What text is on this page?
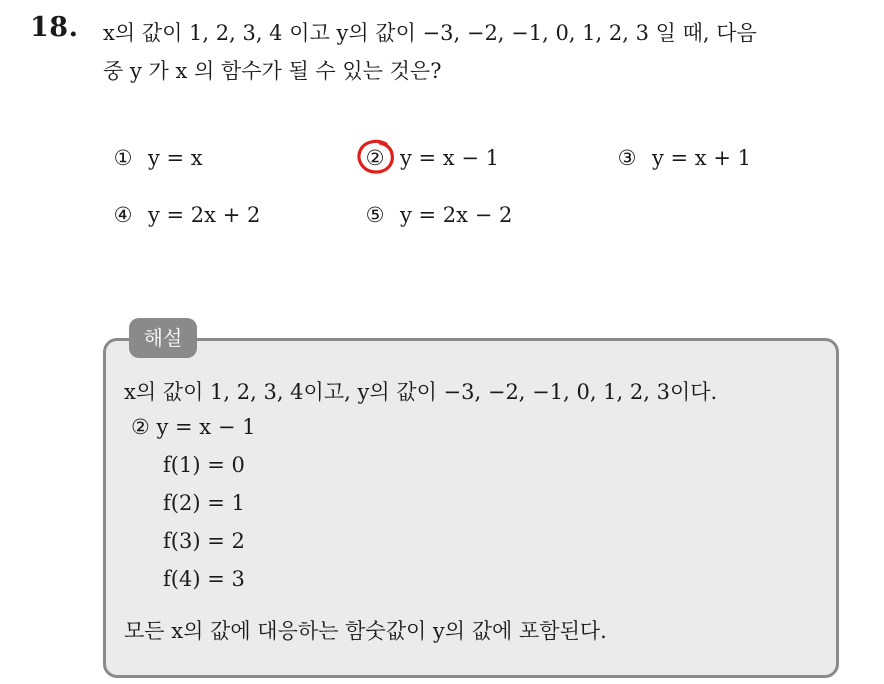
18. x의 값이 1, 2, 3, 4 이고 y의 값이 −3, −2, −1, 0, 1, 2, 3 일 때, 다음
중 y 가 x 의 함수가 될 수 있는 것은?
① y = x	② y = x − 1	③ y = x + 1
④ y = 2x + 2	⑤ y = 2x − 2
해설
x의 값이 1, 2, 3, 4이고, y의 값이 −3, −2, −1, 0, 1, 2, 3이다.
② y = x − 1
f(1) = 0
f(2) = 1
f(3) = 2
f(4) = 3
모든 x의 값에 대응하는 함숫값이 y의 값에 포함된다.
